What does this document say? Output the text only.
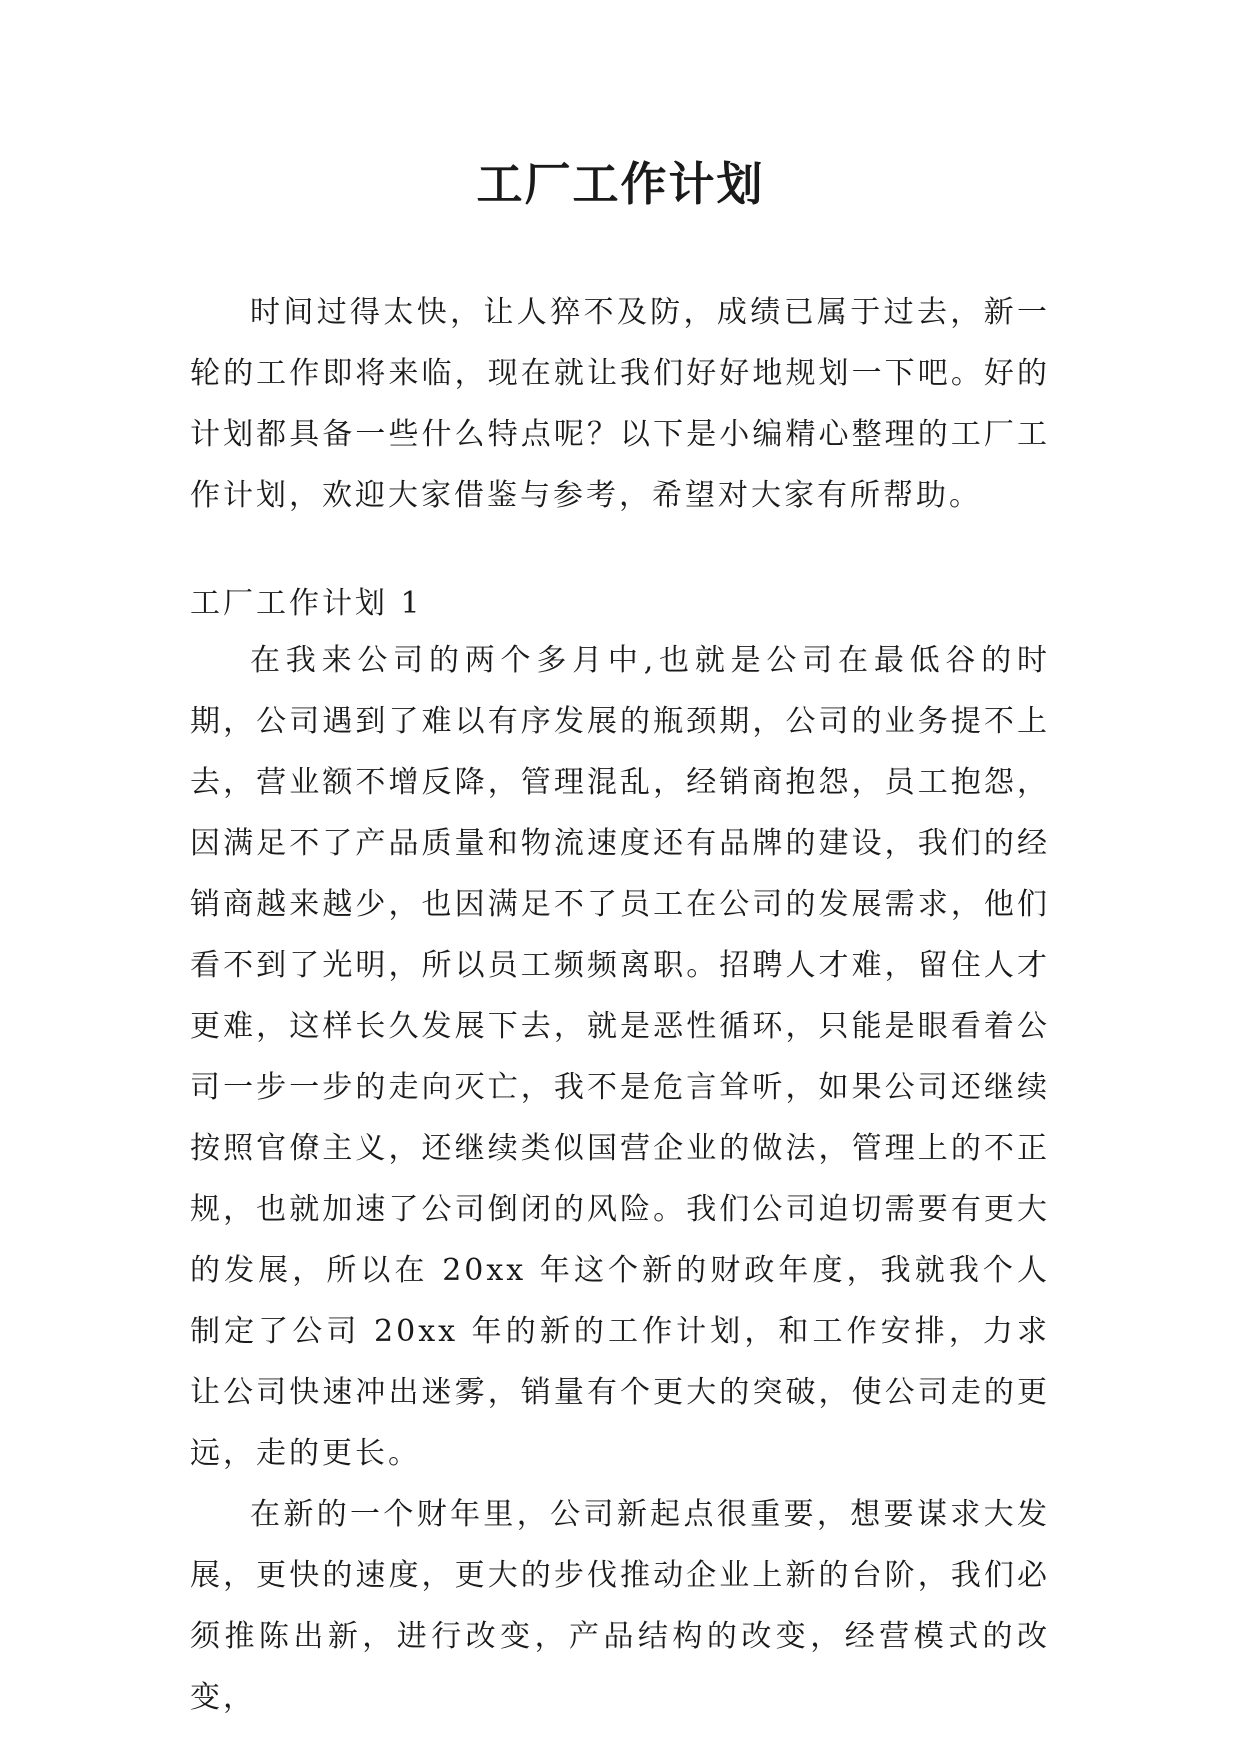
工厂工作计划

时间过得太快，让人猝不及防，成绩已属于过去，新一轮的工作即将来临，现在就让我们好好地规划一下吧。好的计划都具备一些什么特点呢？以下是小编精心整理的工厂工作计划，欢迎大家借鉴与参考，希望对大家有所帮助。

工厂工作计划 1

在我来公司的两个多月中,也就是公司在最低谷的时期，公司遇到了难以有序发展的瓶颈期，公司的业务提不上去，营业额不增反降，管理混乱，经销商抱怨，员工抱怨，因满足不了产品质量和物流速度还有品牌的建设，我们的经销商越来越少，也因满足不了员工在公司的发展需求，他们看不到了光明，所以员工频频离职。招聘人才难，留住人才更难，这样长久发展下去，就是恶性循环，只能是眼看着公司一步一步的走向灭亡，我不是危言耸听，如果公司还继续按照官僚主义，还继续类似国营企业的做法，管理上的不正规，也就加速了公司倒闭的风险。我们公司迫切需要有更大的发展，所以在 20xx 年这个新的财政年度，我就我个人制定了公司 20xx 年的新的工作计划，和工作安排，力求让公司快速冲出迷雾，销量有个更大的突破，使公司走的更远，走的更长。

在新的一个财年里，公司新起点很重要，想要谋求大发展，更快的速度，更大的步伐推动企业上新的台阶，我们必须推陈出新，进行改变，产品结构的改变，经营模式的改变，
